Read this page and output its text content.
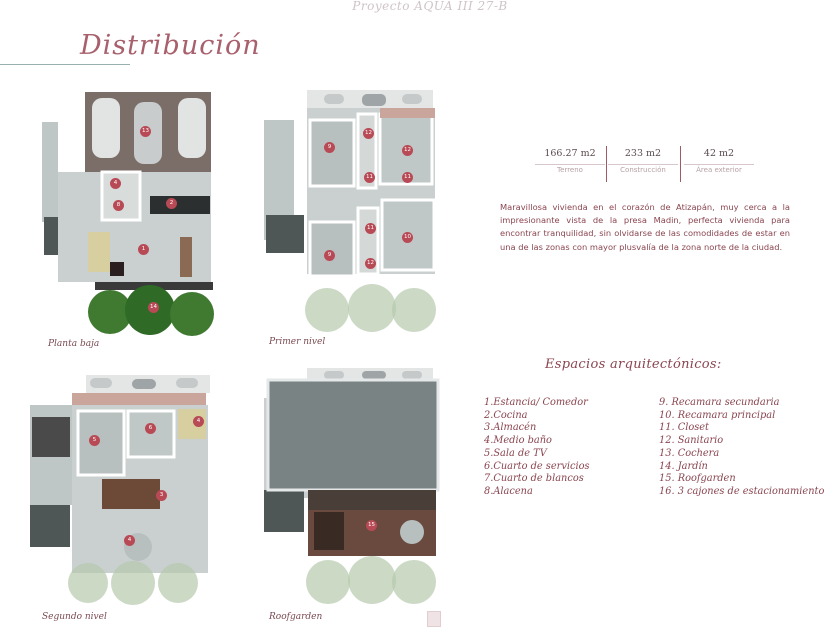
Proyecto AQUA III 27-B
Distribución
13
4
8	2
1
14
Planta baja
9
12
12
11	11
11
10
9
12
Primer nivel
5
6
4
3
4
Segundo nivel
15
Roofgarden
166.27 m2
Terreno
233 m2
Construcción
42 m2
Área exterior

Maravillosa vivienda en el corazón de Atizapán, muy cerca a la impresionante vista de la presa Madin, perfecta vivienda para encontrar tranquilidad, sin olvidarse de las comodidades de estar en una de las zonas con mayor plusvalía de la zona norte de la ciudad.

Espacios arquitectónicos:
1.Estancia/ Comedor
2.Cocina
3.Almacén
4.Medio baño
5.Sala de TV
6.Cuarto de servicios
7.Cuarto de blancos
8.Alacena
9. Recamara secundaria
10. Recamara principal
11. Closet
12. Sanitario
13. Cochera
14. Jardín
15. Roofgarden
16. 3 cajones de estacionamiento
